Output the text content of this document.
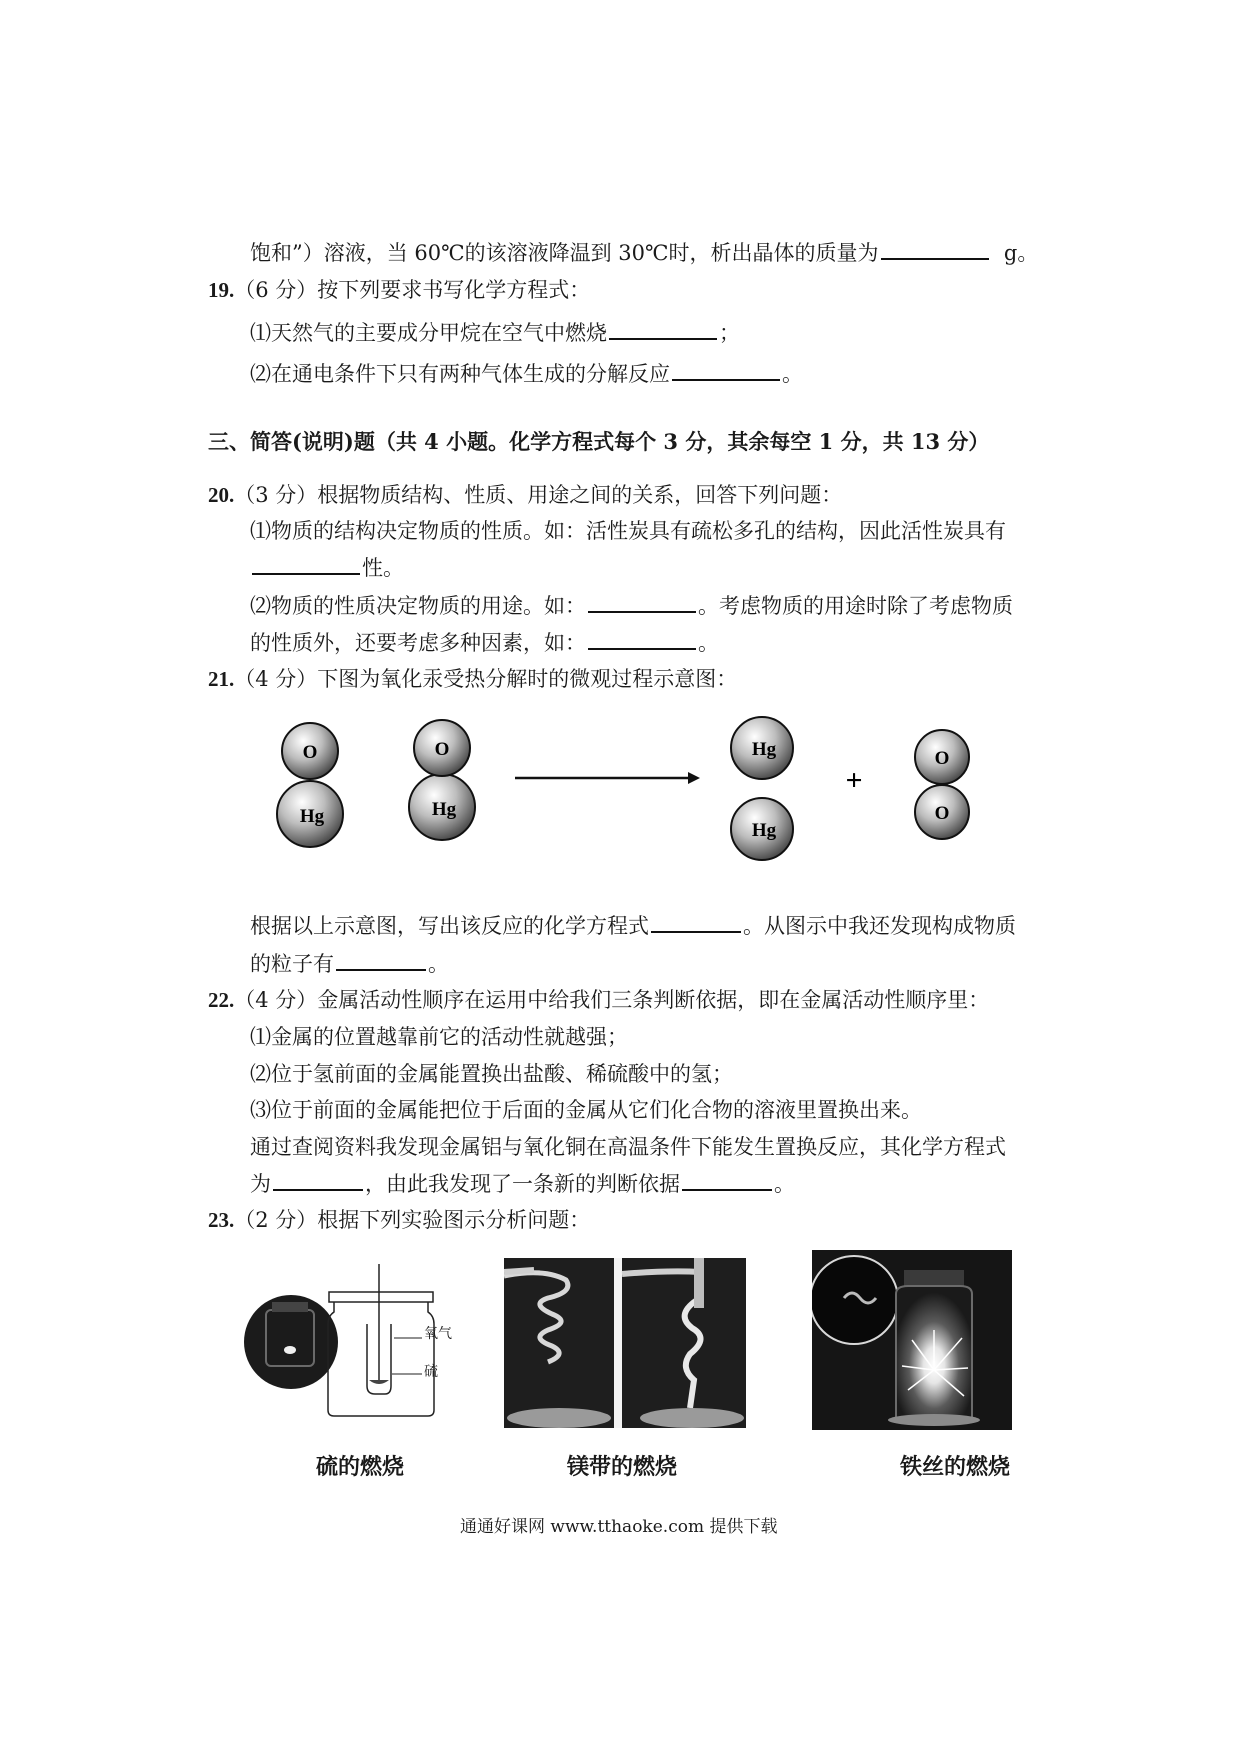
饱和”）溶液，当 60℃的该溶液降温到 30℃时，析出晶体的质量为	g。
19.（6 分）按下列要求书写化学方程式：
⑴天然气的主要成分甲烷在空气中燃烧	；
⑵在通电条件下只有两种气体生成的分解反应	。
三、简答(说明)题（共 4 小题。化学方程式每个 3 分，其余每空 1 分，共 13 分）
20.（3 分）根据物质结构、性质、用途之间的关系，回答下列问题：
⑴物质的结构决定物质的性质。如：活性炭具有疏松多孔的结构，因此活性炭具有
性。
⑵物质的性质决定物质的用途。如：	。考虑物质的用途时除了考虑物质
的性质外，还要考虑多种因素，如：	。
21.（4 分）下图为氧化汞受热分解时的微观过程示意图：
O
Hg
O
Hg
Hg
Hg
+
O
O
根据以上示意图，写出该反应的化学方程式	。从图示中我还发现构成物质
的粒子有	。
22.（4 分）金属活动性顺序在运用中给我们三条判断依据，即在金属活动性顺序里：
⑴金属的位置越靠前它的活动性就越强；
⑵位于氢前面的金属能置换出盐酸、稀硫酸中的氢；
⑶位于前面的金属能把位于后面的金属从它们化合物的溶液里置换出来。
通过查阅资料我发现金属铝与氧化铜在高温条件下能发生置换反应，其化学方程式
为	，由此我发现了一条新的判断依据	。
23.（2 分）根据下列实验图示分析问题：
氧气
硫
硫的燃烧	镁带的燃烧	铁丝的燃烧
通通好课网 www.tthaoke.com 提供下载
